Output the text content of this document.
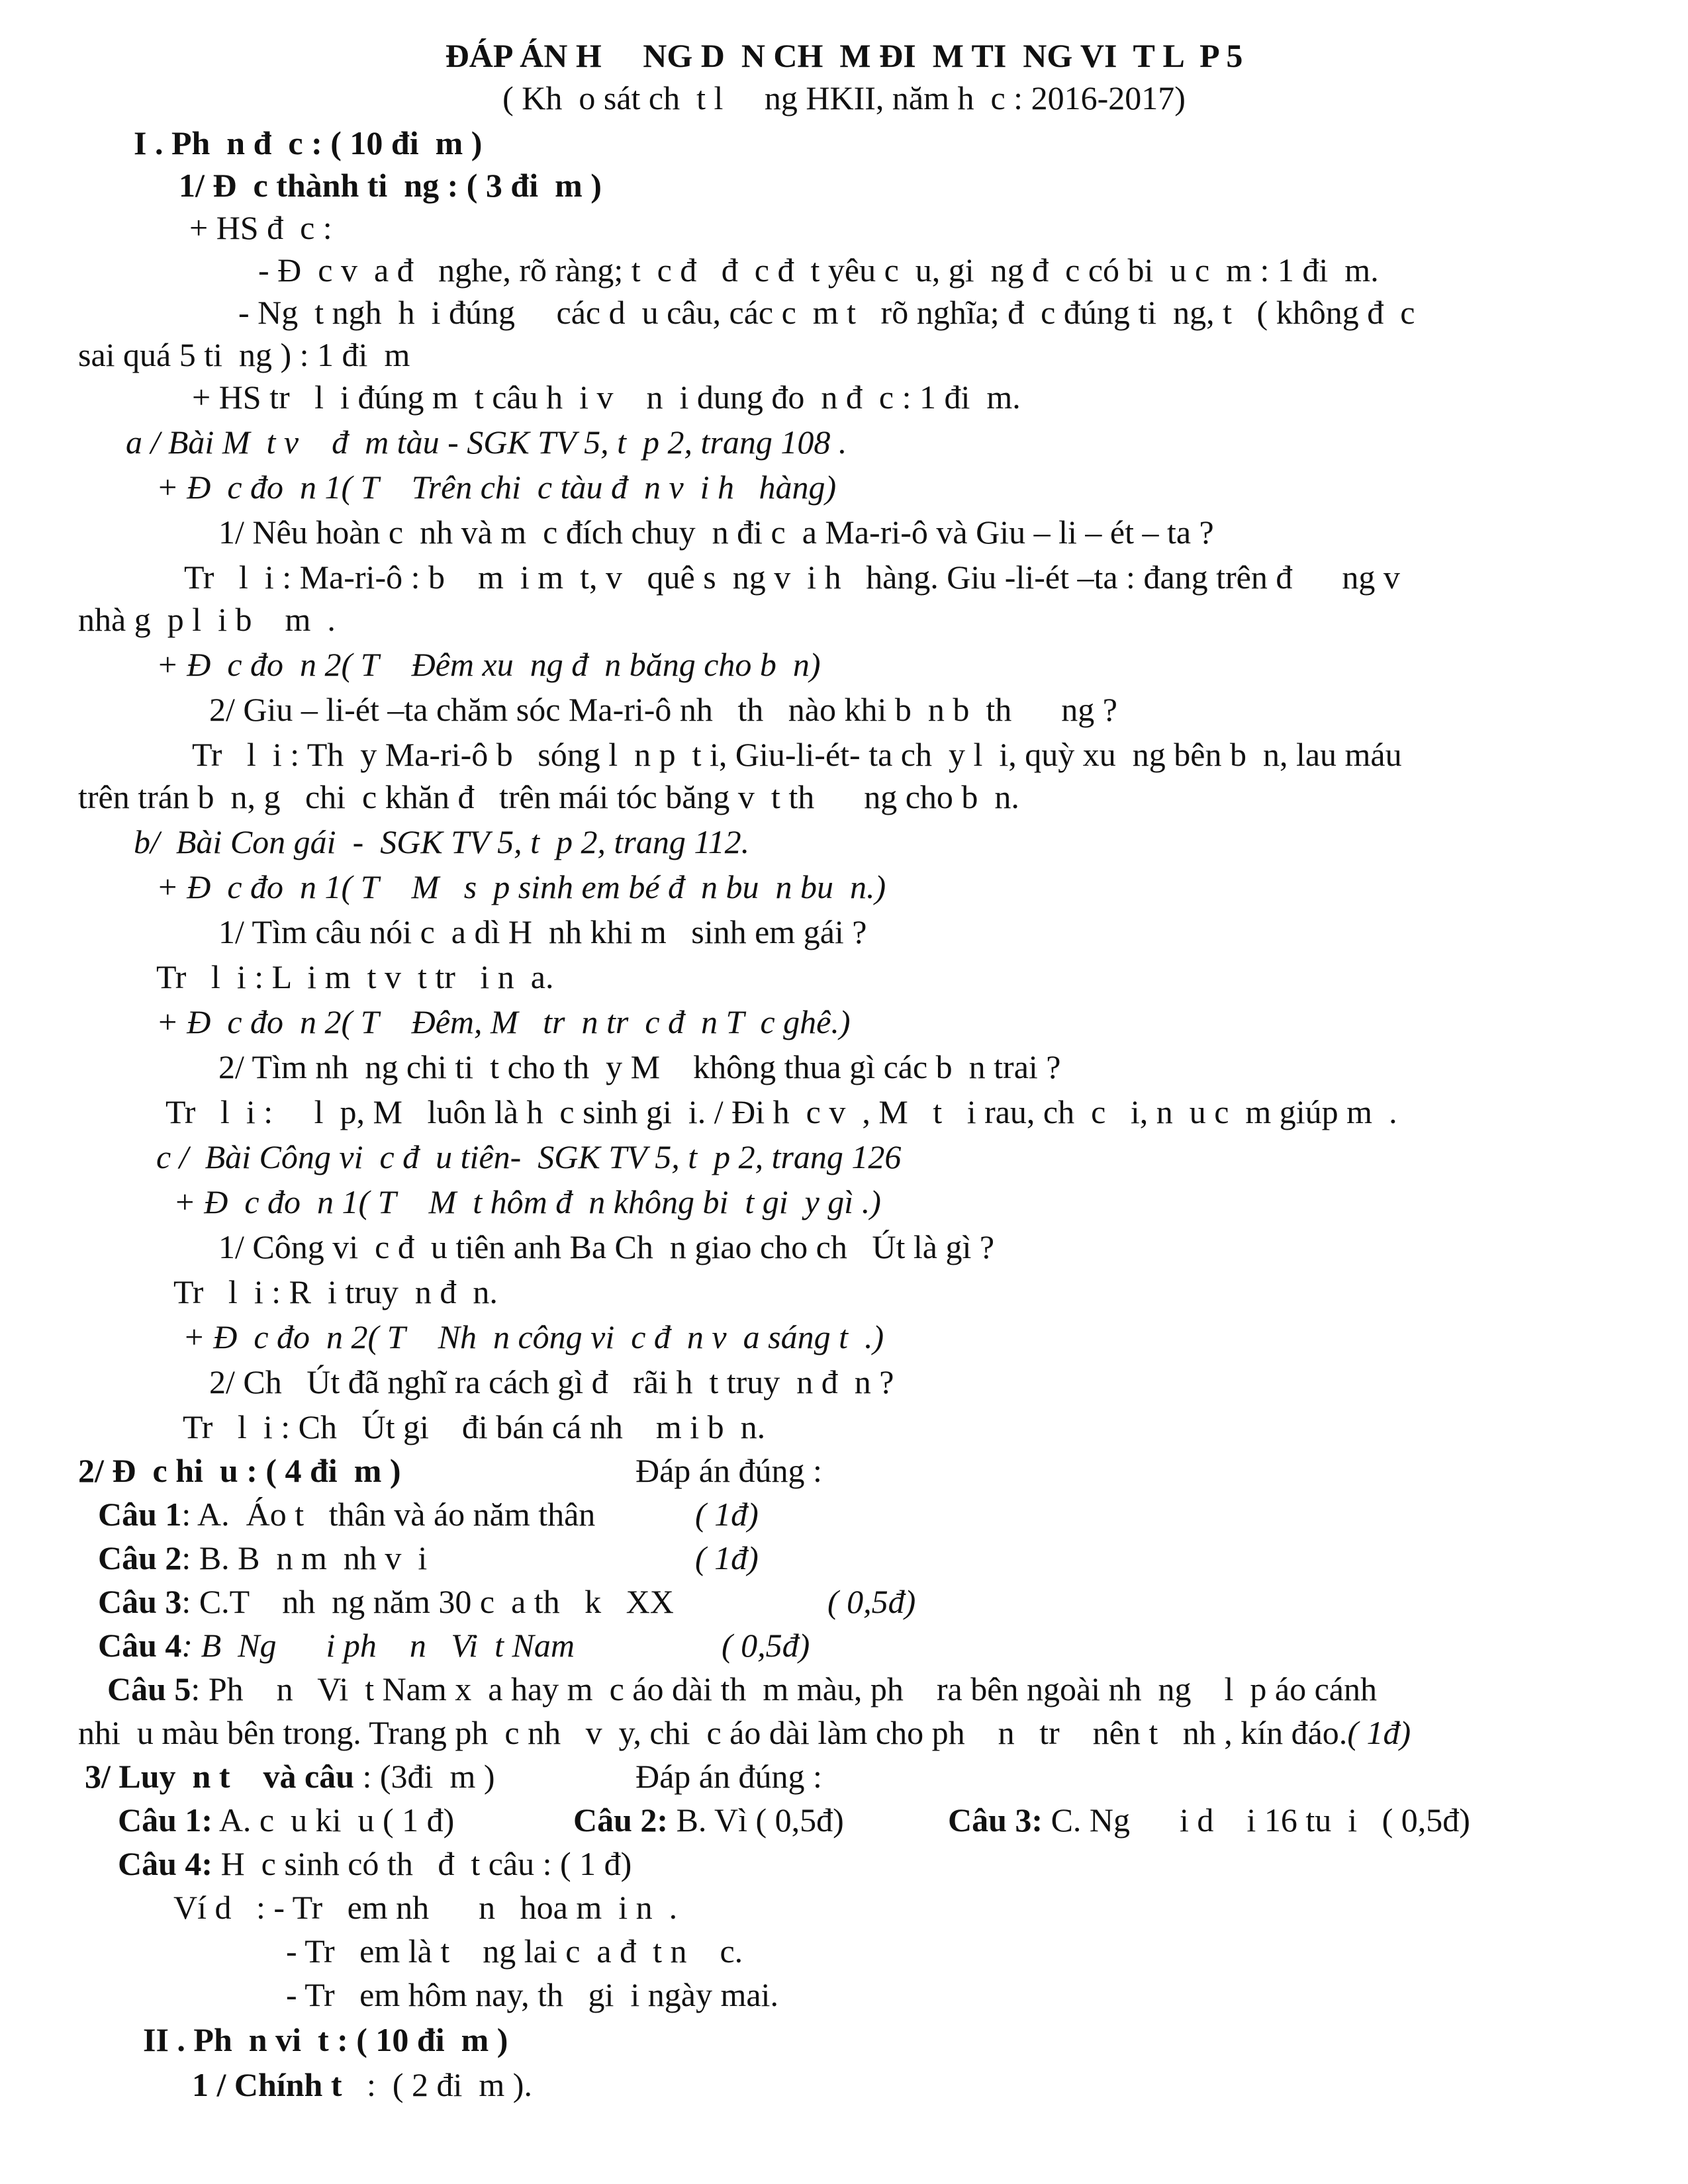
ĐÁP ÁN H     NG D  N CH  M ĐI  M TI  NG VI  T L  P 5
( Kh  o sát ch  t l     ng HKII, năm h  c : 2016-2017)
I . Ph  n đ  c : ( 10 đi  m )
1/ Đ  c thành ti  ng : ( 3 đi  m )
+ HS đ  c :
- Đ  c v  a đ   nghe, rõ ràng; t  c đ   đ  c đ  t yêu c  u, gi  ng đ  c có bi  u c  m : 1 đi  m.
- Ng  t ngh  h  i đúng     các d  u câu, các c  m t   rõ nghĩa; đ  c đúng ti  ng, t   ( không đ  c
sai quá 5 ti  ng ) : 1 đi  m
+ HS tr   l  i đúng m  t câu h  i v    n  i dung đo  n đ  c : 1 đi  m.
a / Bài M  t v    đ  m tàu - SGK TV 5, t  p 2, trang 108 .
+ Đ  c đo  n 1( T    Trên chi  c tàu đ  n v  i h   hàng)
1/ Nêu hoàn c  nh và m  c đích chuy  n đi c  a Ma-ri-ô và Giu – li – ét – ta ?
Tr   l  i : Ma-ri-ô : b    m  i m  t, v   quê s  ng v  i h   hàng. Giu -li-ét –ta : đang trên đ      ng v
nhà g  p l  i b    m  .
+ Đ  c đo  n 2( T    Đêm xu  ng đ  n băng cho b  n)
2/ Giu – li-ét –ta chăm sóc Ma-ri-ô nh   th   nào khi b  n b  th      ng ?
Tr   l  i : Th  y Ma-ri-ô b   sóng l  n p  t i, Giu-li-ét- ta ch  y l  i, quỳ xu  ng bên b  n, lau máu
trên trán b  n, g   chi  c khăn đ   trên mái tóc băng v  t th      ng cho b  n.
b/  Bài Con gái  -  SGK TV 5, t  p 2, trang 112.
+ Đ  c đo  n 1( T    M   s  p sinh em bé đ  n bu  n bu  n.)
1/ Tìm câu nói c  a dì H  nh khi m   sinh em gái ?
Tr   l  i : L  i m  t v  t tr   i n  a.
+ Đ  c đo  n 2( T    Đêm, M   tr  n tr  c đ  n T  c ghê.)
2/ Tìm nh  ng chi ti  t cho th  y M    không thua gì các b  n trai ?
Tr   l  i :     l  p, M   luôn là h  c sinh gi  i. / Đi h  c v  , M   t   i rau, ch  c   i, n  u c  m giúp m  .
c /  Bài Công vi  c đ  u tiên-  SGK TV 5, t  p 2, trang 126
+ Đ  c đo  n 1( T    M  t hôm đ  n không bi  t gi  y gì .)
1/ Công vi  c đ  u tiên anh Ba Ch  n giao cho ch   Út là gì ?
Tr   l  i : R  i truy  n đ  n.
+ Đ  c đo  n 2( T    Nh  n công vi  c đ  n v  a sáng t  .)
2/ Ch   Út đã nghĩ ra cách gì đ   rãi h  t truy  n đ  n ?
Tr   l  i : Ch   Út gi    đi bán cá nh    m i b  n.
2/ Đ  c hi  u : ( 4 đi  m )	Đáp án đúng :
Câu 1: A.  Áo t   thân và áo năm thân	( 1đ)
Câu 2: B. B  n m  nh v  i	( 1đ)
Câu 3: C.T    nh  ng năm 30 c  a th   k   XX	( 0,5đ)
Câu 4: B  Ng      i ph    n   Vi  t Nam	( 0,5đ)
Câu 5: Ph    n   Vi  t Nam x  a hay m  c áo dài th  m màu, ph    ra bên ngoài nh  ng    l  p áo cánh
nhi  u màu bên trong. Trang ph  c nh   v  y, chi  c áo dài làm cho ph    n   tr    nên t   nh , kín đáo.( 1đ)
3/ Luy  n t    và câu : (3đi  m )	Đáp án đúng :
Câu 1: A. c  u ki  u ( 1 đ)	Câu 2: B. Vì ( 0,5đ)	Câu 3: C. Ng      i d    i 16 tu  i   ( 0,5đ)
Câu 4: H  c sinh có th   đ  t câu : ( 1 đ)
Ví d   : - Tr   em nh      n   hoa m  i n  .
- Tr   em là t    ng lai c  a đ  t n    c.
- Tr   em hôm nay, th   gi  i ngày mai.
II . Ph  n vi  t : ( 10 đi  m )
1 / Chính t   :  ( 2 đi  m ).
